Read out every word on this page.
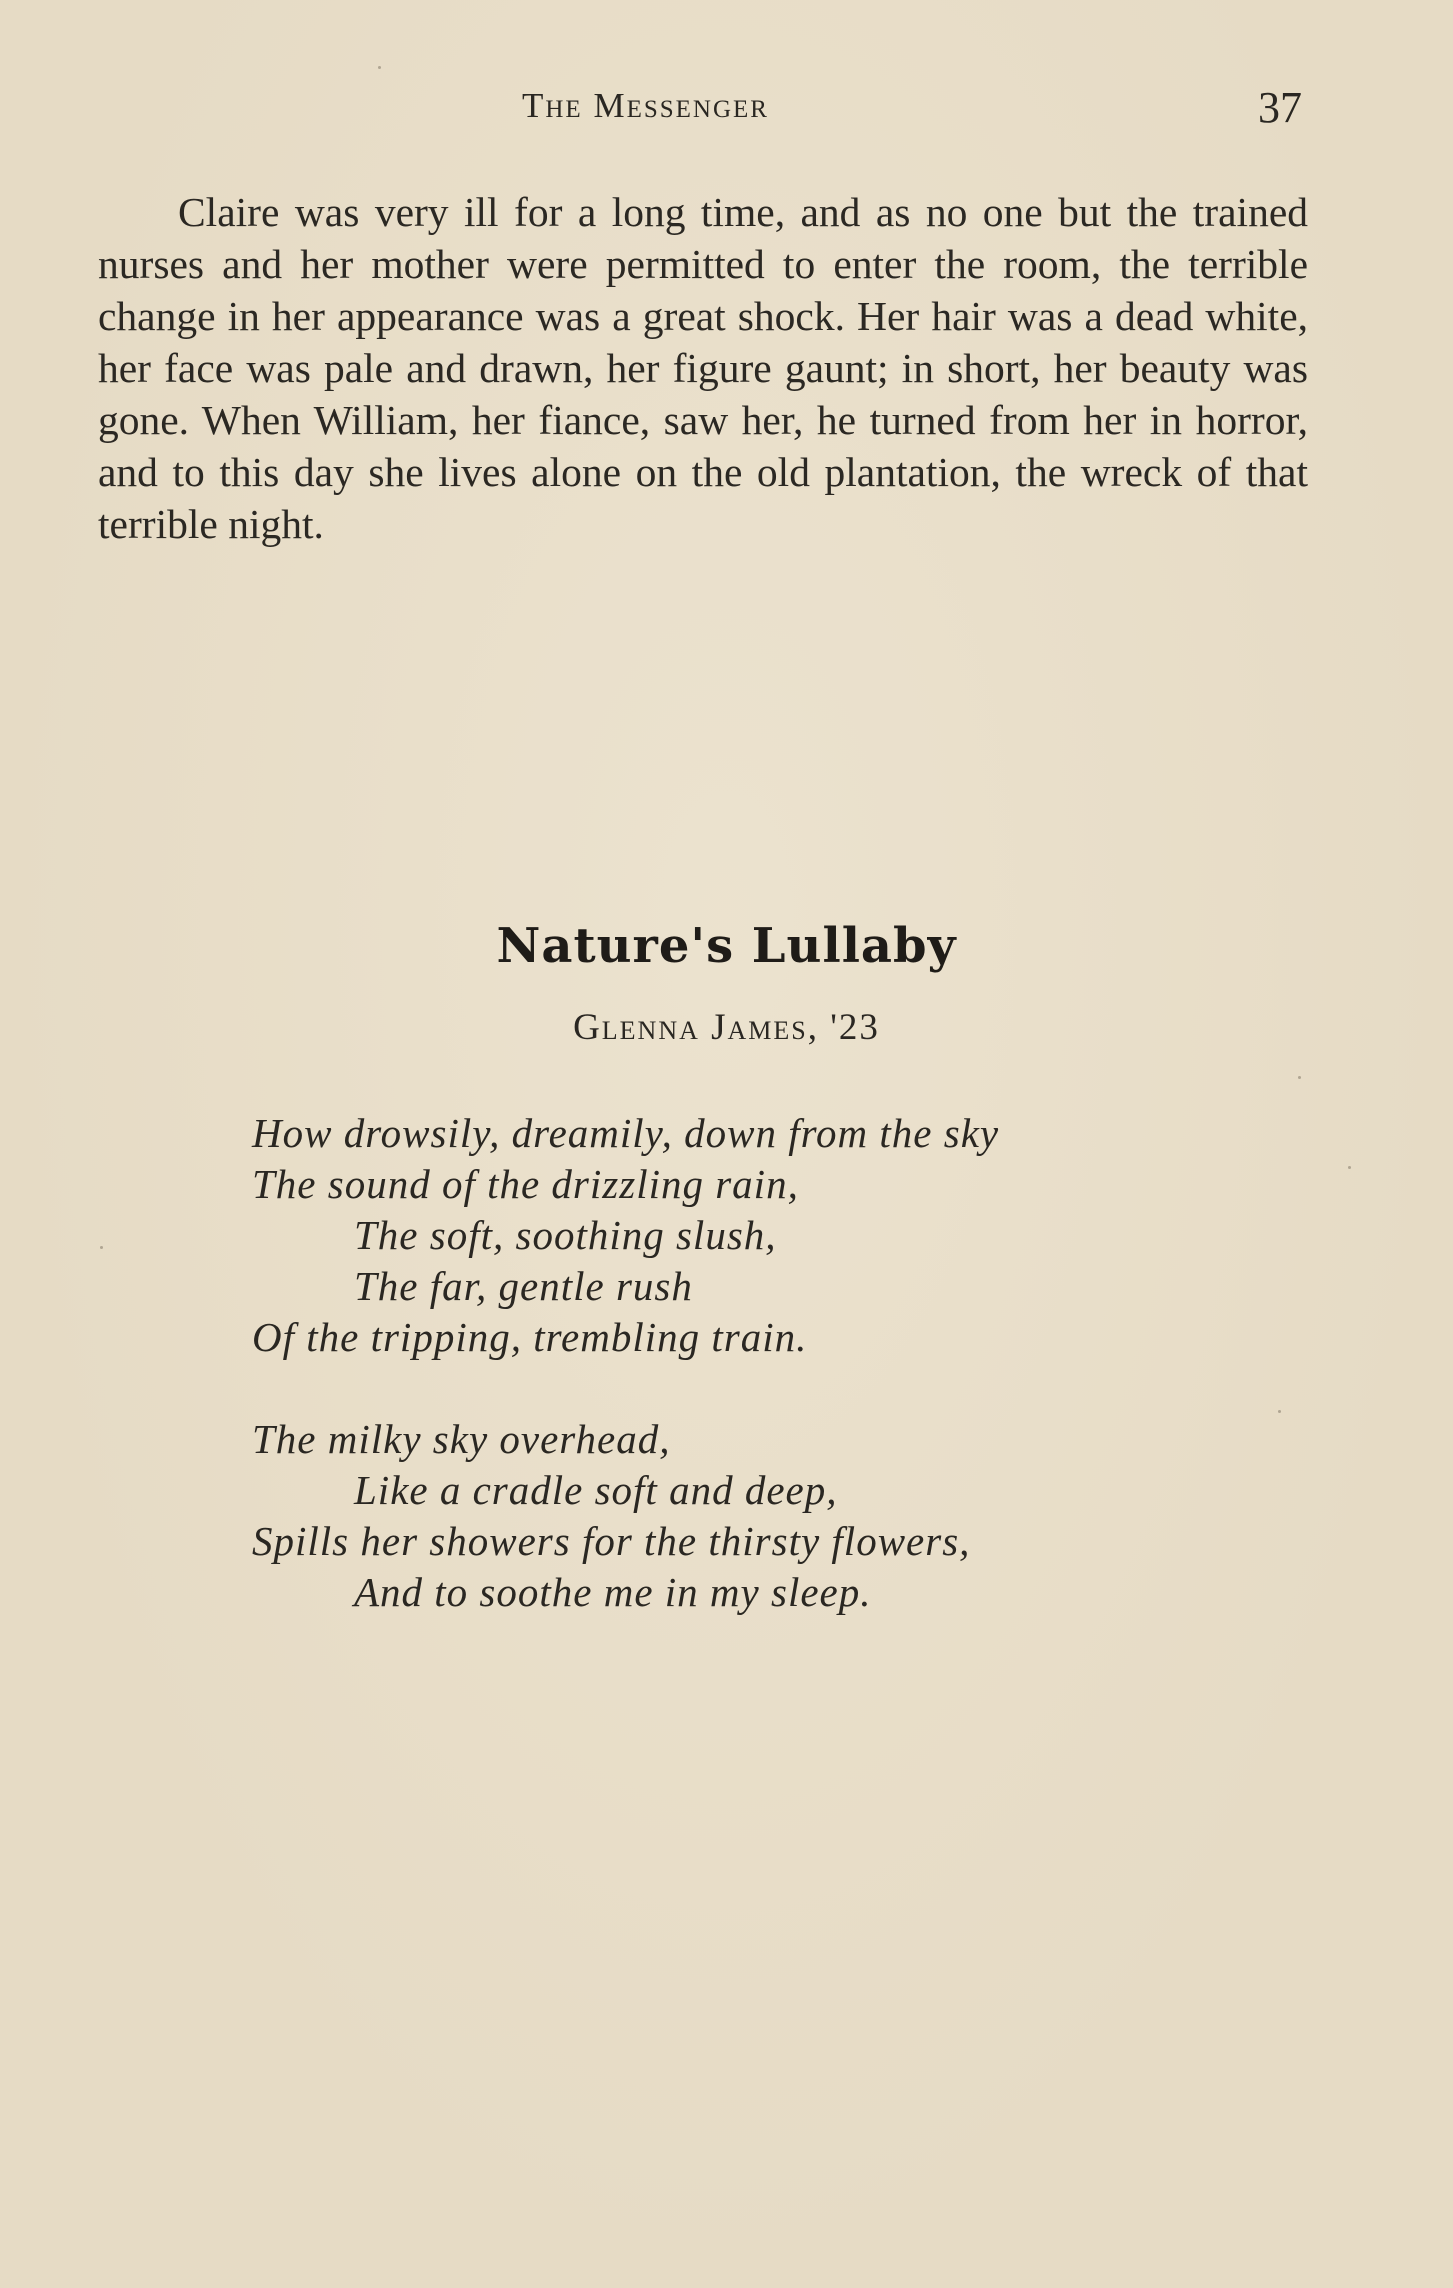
The Messenger	37

Claire was very ill for a long time, and as no one but the trained nurses and her mother were permitted to enter the room, the terrible change in her appearance was a great shock. Her hair was a dead white, her face was pale and drawn, her figure gaunt; in short, her beauty was gone. When William, her fiance, saw her, he turned from her in horror, and to this day she lives alone on the old plantation, the wreck of that terrible night.

Nature's Lullaby
Glenna James, '23
How drowsily, dreamily, down from the sky
The sound of the drizzling rain,
The soft, soothing slush,
The far, gentle rush
Of the tripping, trembling train.
The milky sky overhead,
Like a cradle soft and deep,
Spills her showers for the thirsty flowers,
And to soothe me in my sleep.
